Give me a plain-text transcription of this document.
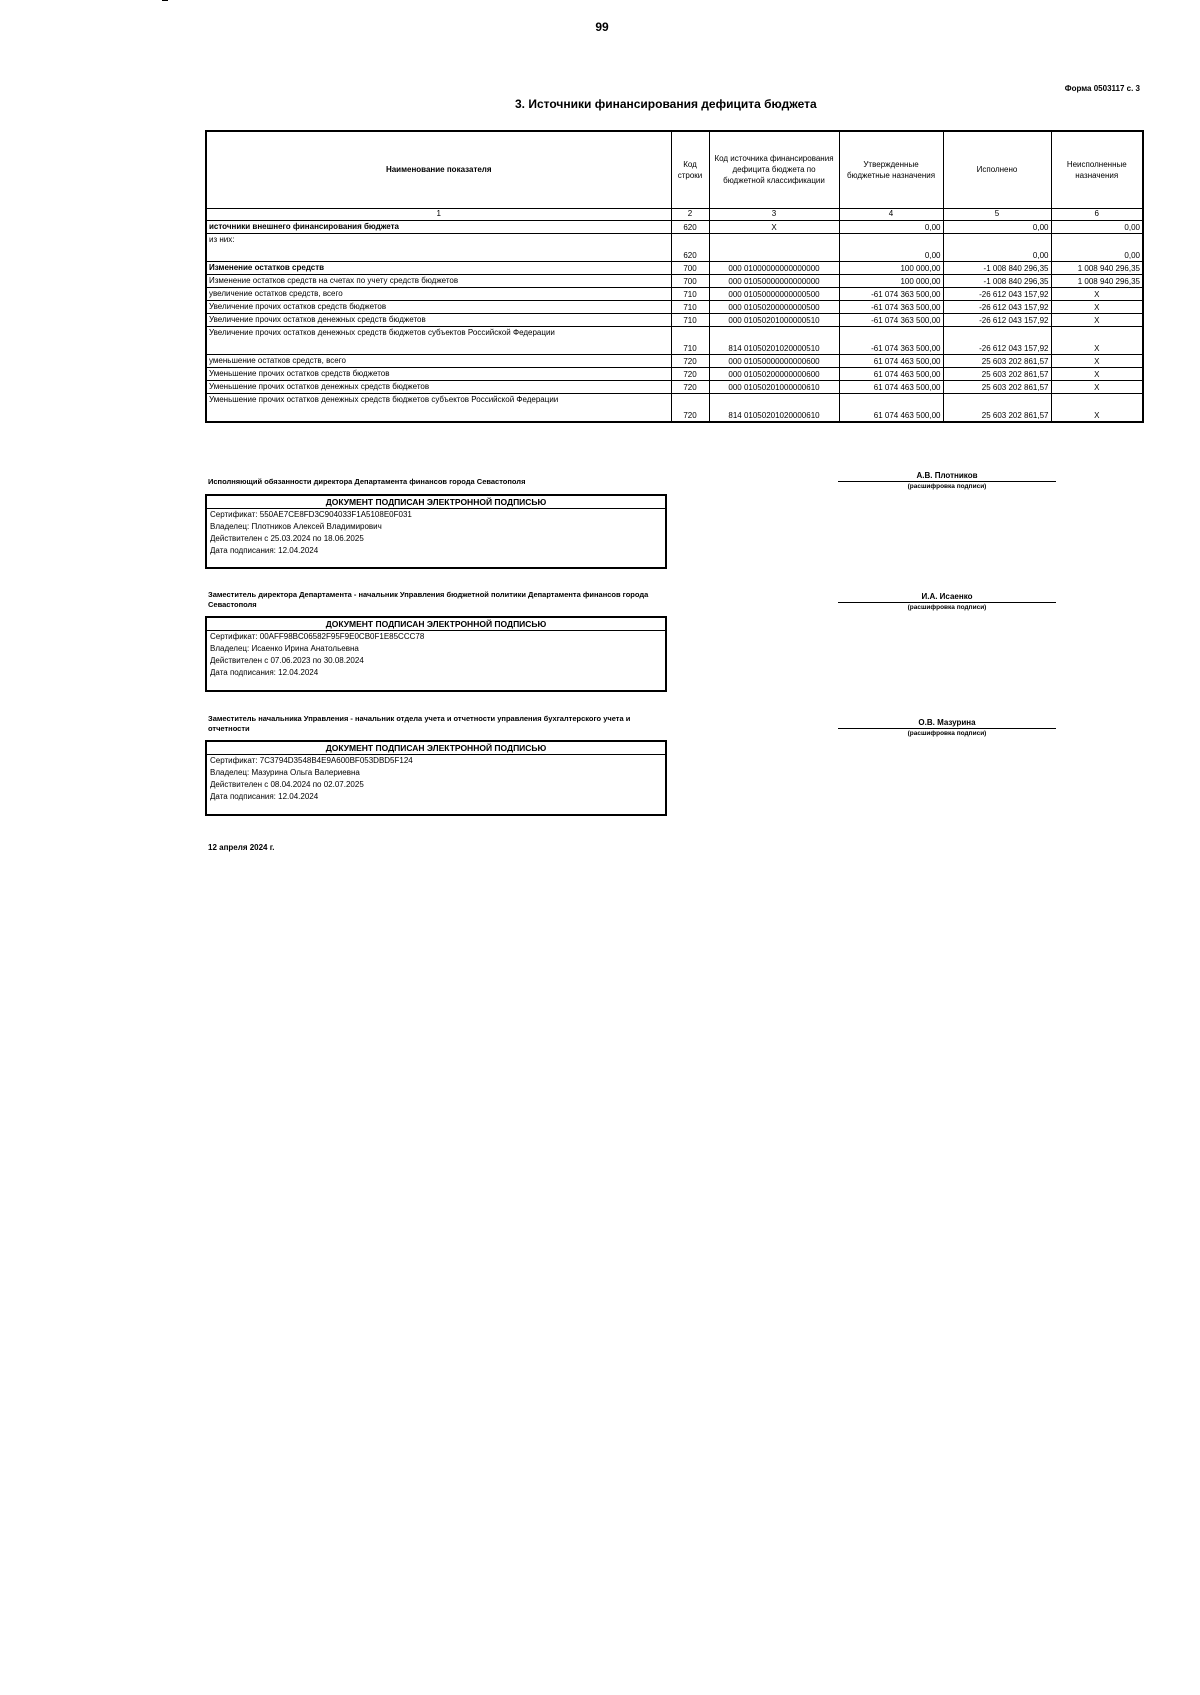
99
Форма 0503117 с. 3
3. Источники финансирования дефицита бюджета
Наименование показателя	Код строки	Код источника финансирования дефицита бюджета по бюджетной классификации	Утвержденные бюджетные назначения	Исполнено	Неисполненные назначения
1	2	3	4	5	6
источники внешнего финансирования бюджета	620	X	0,00	0,00	0,00
из них:	620		0,00	0,00	0,00
Изменение остатков средств	700	000 01000000000000000	100 000,00	-1 008 840 296,35	1 008 940 296,35
Изменение остатков средств на счетах по учету средств бюджетов	700	000 01050000000000000	100 000,00	-1 008 840 296,35	1 008 940 296,35
увеличение остатков средств, всего	710	000 01050000000000500	-61 074 363 500,00	-26 612 043 157,92	X
Увеличение прочих остатков средств бюджетов	710	000 01050200000000500	-61 074 363 500,00	-26 612 043 157,92	X
Увеличение прочих остатков денежных средств бюджетов	710	000 01050201000000510	-61 074 363 500,00	-26 612 043 157,92	X
Увеличение прочих остатков денежных средств бюджетов субъектов Российской Федерации	710	814 01050201020000510	-61 074 363 500,00	-26 612 043 157,92	X
уменьшение остатков средств, всего	720	000 01050000000000600	61 074 463 500,00	25 603 202 861,57	X
Уменьшение прочих остатков средств бюджетов	720	000 01050200000000600	61 074 463 500,00	25 603 202 861,57	X
Уменьшение прочих остатков денежных средств бюджетов	720	000 01050201000000610	61 074 463 500,00	25 603 202 861,57	X
Уменьшение прочих остатков денежных средств бюджетов субъектов Российской Федерации	720	814 01050201020000610	61 074 463 500,00	25 603 202 861,57	X
Исполняющий обязанности директора Департамента финансов города Севастополя
ДОКУМЕНТ ПОДПИСАН ЭЛЕКТРОННОЙ ПОДПИСЬЮ
Сертификат: 550AE7CE8FD3C904033F1A5108E0F031
Владелец: Плотников Алексей Владимирович
Действителен с 25.03.2024 по 18.06.2025
Дата подписания: 12.04.2024
А.В. Плотников
(расшифровка подписи)
Заместитель директора Департамента - начальник Управления бюджетной политики Департамента финансов города Севастополя
ДОКУМЕНТ ПОДПИСАН ЭЛЕКТРОННОЙ ПОДПИСЬЮ
Сертификат: 00AFF98BC06582F95F9E0CB0F1E85CCC78
Владелец: Исаенко Ирина Анатольевна
Действителен с 07.06.2023 по 30.08.2024
Дата подписания: 12.04.2024
И.А. Исаенко
(расшифровка подписи)
Заместитель начальника Управления - начальник отдела учета и отчетности управления бухгалтерского учета и отчетности
ДОКУМЕНТ ПОДПИСАН ЭЛЕКТРОННОЙ ПОДПИСЬЮ
Сертификат: 7C3794D3548B4E9A600BF053DBD5F124
Владелец: Мазурина Ольга Валериевна
Действителен с 08.04.2024 по 02.07.2025
Дата подписания: 12.04.2024
О.В. Мазурина
(расшифровка подписи)
12 апреля 2024 г.
